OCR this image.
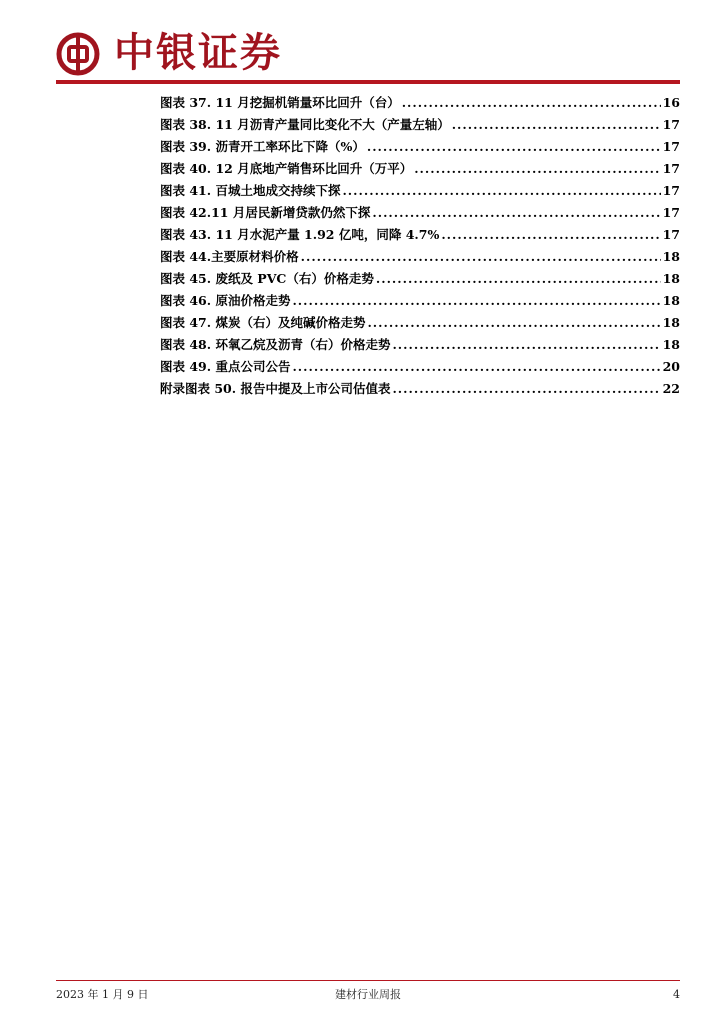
中银证券
图表 37. 11 月挖掘机销量环比回升（台） .....	16
图表 38. 11 月沥青产量同比变化不大（产量左轴） .....	17
图表 39. 沥青开工率环比下降（%） .....	17
图表 40. 12 月底地产销售环比回升（万平） .....	17
图表 41. 百城土地成交持续下探 .....	17
图表 42.11 月居民新增贷款仍然下探 .....	17
图表 43. 11 月水泥产量 1.92 亿吨，同降 4.7% .....	17
图表 44.主要原材料价格 .....	18
图表 45. 废纸及 PVC（右）价格走势 .....	18
图表 46. 原油价格走势 .....	18
图表 47. 煤炭（右）及纯碱价格走势 .....	18
图表 48. 环氧乙烷及沥青（右）价格走势 .....	18
图表 49. 重点公司公告 .....	20
附录图表 50. 报告中提及上市公司估值表 .....	22
2023 年 1 月 9 日	建材行业周报	4
